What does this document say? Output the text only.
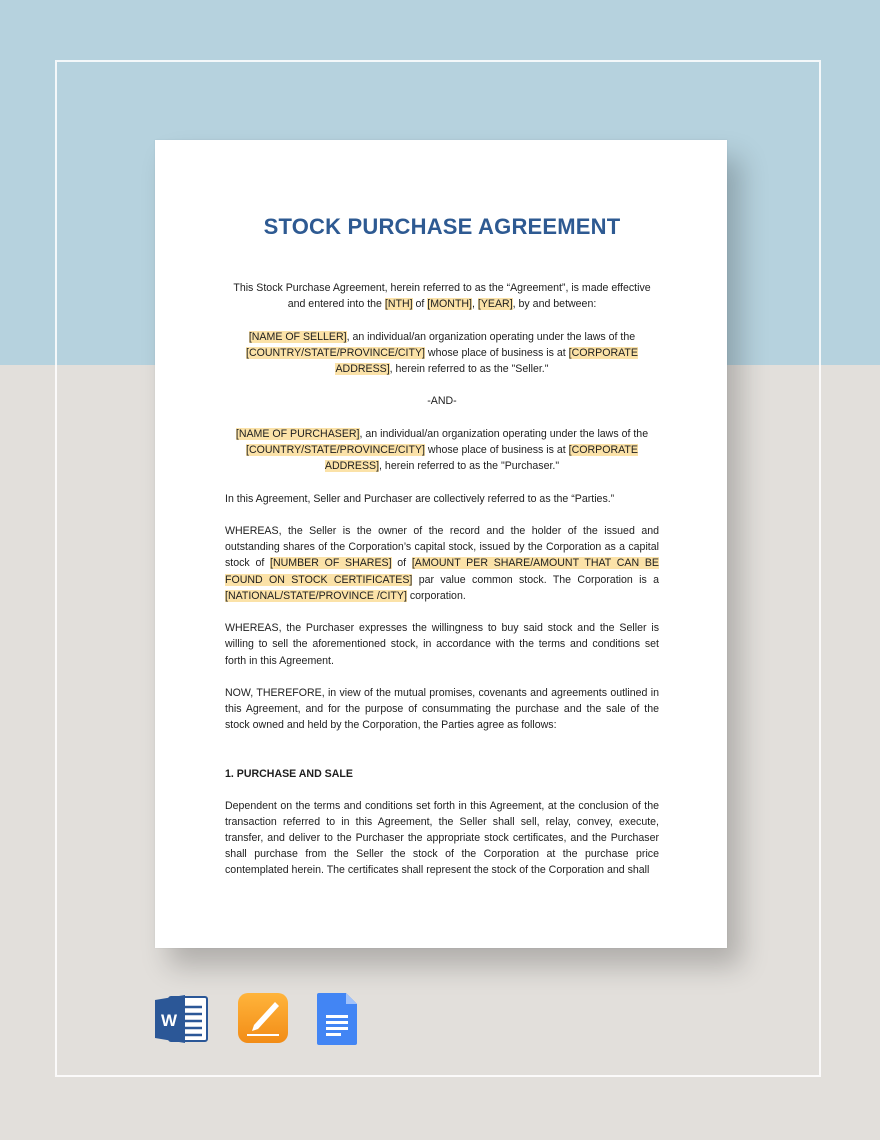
STOCK PURCHASE AGREEMENT

This Stock Purchase Agreement, herein referred to as the “Agreement”, is made effective and entered into the [NTH] of [MONTH], [YEAR], by and between:

[NAME OF SELLER], an individual/an organization operating under the laws of the [COUNTRY/STATE/PROVINCE/CITY] whose place of business is at [CORPORATE ADDRESS], herein referred to as the "Seller."

-AND-

[NAME OF PURCHASER], an individual/an organization operating under the laws of the [COUNTRY/STATE/PROVINCE/CITY] whose place of business is at [CORPORATE ADDRESS], herein referred to as the "Purchaser."

In this Agreement, Seller and Purchaser are collectively referred to as the “Parties.”

WHEREAS, the Seller is the owner of the record and the holder of the issued and outstanding shares of the Corporation’s capital stock, issued by the Corporation as a capital stock of [NUMBER OF SHARES] of [AMOUNT PER SHARE/AMOUNT THAT CAN BE FOUND ON STOCK CERTIFICATES] par value common stock. The Corporation is a [NATIONAL/STATE/PROVINCE /CITY] corporation.

WHEREAS, the Purchaser expresses the willingness to buy said stock and the Seller is willing to sell the aforementioned stock, in accordance with the terms and conditions set forth in this Agreement.

NOW, THEREFORE, in view of the mutual promises, covenants and agreements outlined in this Agreement, and for the purpose of consummating the purchase and the sale of the stock owned and held by the Corporation, the Parties agree as follows:

1. PURCHASE AND SALE

Dependent on the terms and conditions set forth in this Agreement, at the conclusion of the transaction referred to in this Agreement, the Seller shall sell, relay, convey, execute, transfer, and deliver to the Purchaser the appropriate stock certificates, and the Purchaser shall purchase from the Seller the stock of the Corporation at the purchase price contemplated herein. The certificates shall represent the stock of the Corporation and shall

W
